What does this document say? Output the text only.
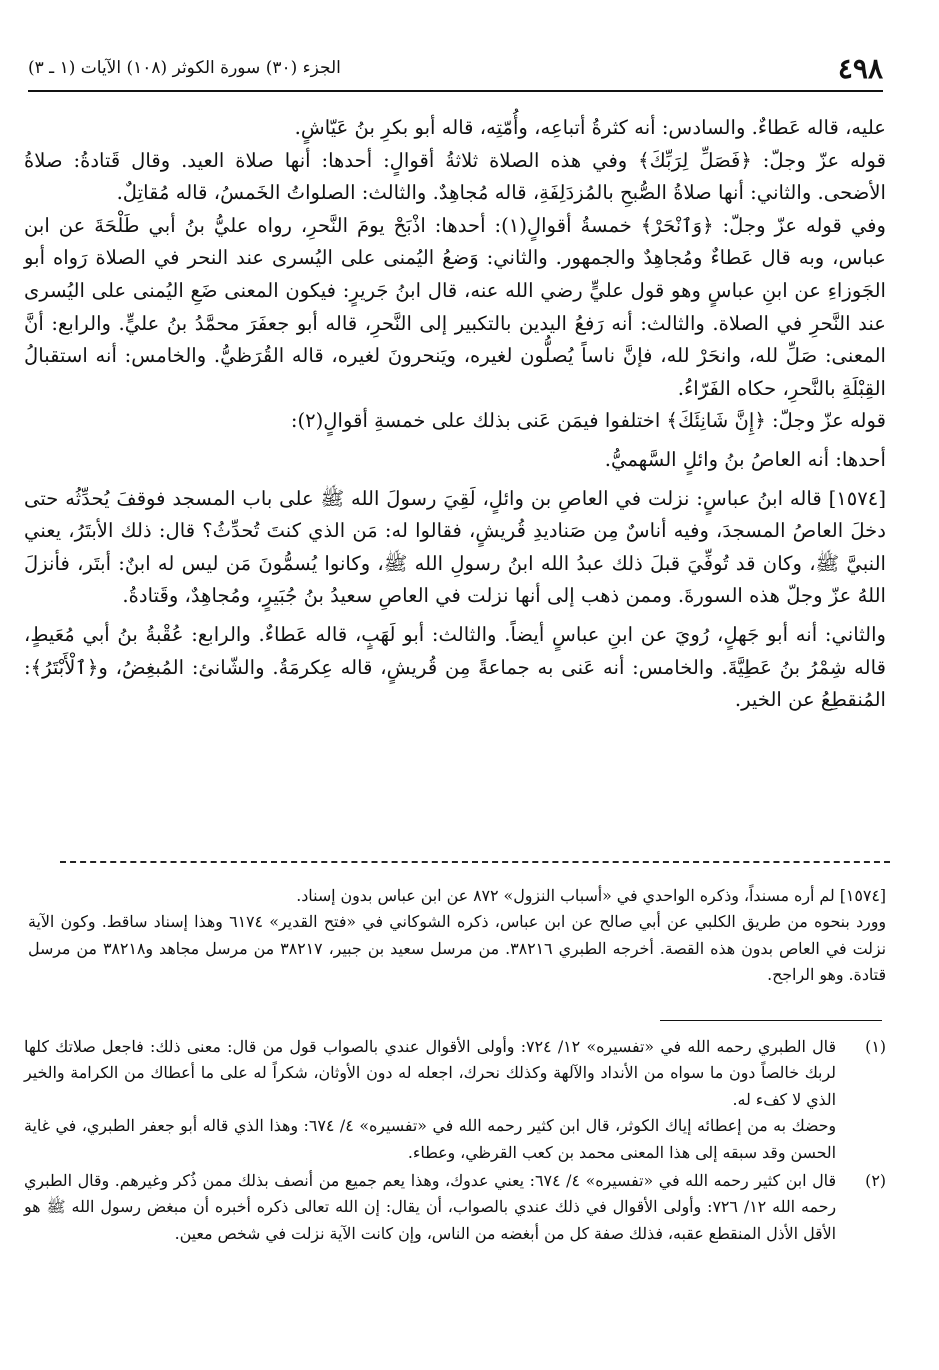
٤٩٨
الجزء (٣٠) سورة الكوثر (١٠٨) الآيات (١ ـ ٣)

عليه، قاله عَطاءٌ. والسادس: أنه كثرةُ أتباعِه، وأُمّتِه، قاله أبو بكرِ بنُ عَيّاشٍ.

قوله عزّ وجلّ: ﴿فَصَلِّ لِرَبِّكَ﴾ وفي هذه الصلاة ثلاثةُ أقوالٍ: أحدها: أنها صلاة العيد. وقال قَتادةُ: صلاةُ الأضحى. والثاني: أنها صلاةُ الصُّبحِ بالمُزدَلِفَةِ، قاله مُجاهِدٌ. والثالث: الصلواتُ الخَمسُ، قاله مُقاتِلٌ.

وفي قوله عزّ وجلّ: ﴿وَٱنْحَرْ﴾ خمسةُ أقوالٍ(١): أحدها: اذْبَحْ يومَ النَّحرِ، رواه عليُّ بنُ أبي طَلْحَةَ عن ابن عباس، وبه قال عَطاءٌ ومُجاهِدٌ والجمهور. والثاني: وَضعُ اليُمنى على اليُسرى عند النحر في الصلاة رَواه أبو الجَوزاءِ عن ابنِ عباسٍ وهو قول عليٍّ رضي الله عنه، قال ابنُ جَريرٍ: فيكون المعنى ضَعِ اليُمنى على اليُسرى عند النَّحرِ في الصلاة. والثالث: أنه رَفعُ اليدين بالتكبير إلى النَّحرِ، قاله أبو جعفَرَ محمَّدُ بنُ عليٍّ. والرابع: أنَّ المعنى: صَلِّ لله، وانحَرْ لله، فإنَّ ناساً يُصلُّون لغيره، ويَنحرونَ لغيره، قاله القُرَظيُّ. والخامس: أنه استقبالُ القِبْلَةِ بالنَّحرِ، حكاه الفَرّاءُ.

قوله عزّ وجلّ: ﴿إِنَّ شَانِئَكَ﴾ اختلفوا فيمَن عَنى بذلك على خمسةِ أقوالٍ(٢):

أحدها: أنه العاصُ بنُ وائلٍ السَّهميُّ.

[١٥٧٤] قاله ابنُ عباسٍ: نزلت في العاصِ بن وائلٍ، لَقِيَ رسولَ الله ﷺ على باب المسجد فوقفَ يُحدِّثُه حتى دخلَ العاصُ المسجدَ، وفيه أناسٌ مِن صَناديدِ قُريشٍ، فقالوا له: مَن الذي كنتَ تُحدِّثُ؟ قال: ذلك الأبتَرُ، يعني النبيَّ ﷺ، وكان قد تُوفِّيَ قبلَ ذلك عبدُ الله ابنُ رسولِ الله ﷺ، وكانوا يُسمُّونَ مَن ليس له ابنٌ: أبتَر، فأنزلَ اللهُ عزّ وجلّ هذه السورةَ. وممن ذهب إلى أنها نزلت في العاصِ سعيدُ بنُ جُبَيرٍ، ومُجاهِدٌ، وقَتادةُ.

والثاني: أنه أبو جَهلٍ، رُويَ عن ابنِ عباسٍ أيضاً. والثالث: أبو لَهَبٍ، قاله عَطاءٌ. والرابع: عُقْبةُ بنُ أبي مُعَيطٍ، قاله شِمْرُ بنُ عَطِيَّةَ. والخامس: أنه عَنى به جماعةً مِن قُريشٍ، قاله عِكرمَةُ. والشّانئ: المُبغِضُ، و﴿ٱلْأَبْتَرُ﴾: المُنقطِعُ عن الخير.

[١٥٧٤] لم أره مسنداً، وذكره الواحدي في «أسباب النزول» ٨٧٢ عن ابن عباس بدون إسناد.

وورد بنحوه من طريق الكلبي عن أبي صالح عن ابن عباس، ذكره الشوكاني في «فتح القدير» ٦١٧٤ وهذا إسناد ساقط. وكون الآية نزلت في العاص بدون هذه القصة. أخرجه الطبري ٣٨٢١٦. من مرسل سعيد بن جبير، ٣٨٢١٧ من مرسل مجاهد و٣٨٢١٨ من مرسل قتادة. وهو الراجح.

(١)

قال الطبري رحمه الله في «تفسيره» ١٢/ ٧٢٤: وأولى الأقوال عندي بالصواب قول من قال: معنى ذلك: فاجعل صلاتك كلها لربك خالصاً دون ما سواه من الأنداد والآلهة وكذلك نحرك، اجعله له دون الأوثان، شكراً له على ما أعطاك من الكرامة والخير الذي لا كفء له.

وحضك به من إعطائه إياك الكوثر، قال ابن كثير رحمه الله في «تفسيره» ٤/ ٦٧٤: وهذا الذي قاله أبو جعفر الطبري، في غاية الحسن وقد سبقه إلى هذا المعنى محمد بن كعب القرظي، وعطاء.

(٢)

قال ابن كثير رحمه الله في «تفسيره» ٤/ ٦٧٤: يعني عدوك، وهذا يعم جميع من أنصف بذلك ممن ذُكر وغيرهم. وقال الطبري رحمه الله ١٢/ ٧٢٦: وأولى الأقوال في ذلك عندي بالصواب، أن يقال: إن الله تعالى ذكره أخبره أن مبغض رسول الله ﷺ هو الأقل الأذل المنقطع عقبه، فذلك صفة كل من أبغضه من الناس، وإن كانت الآية نزلت في شخص معين.
